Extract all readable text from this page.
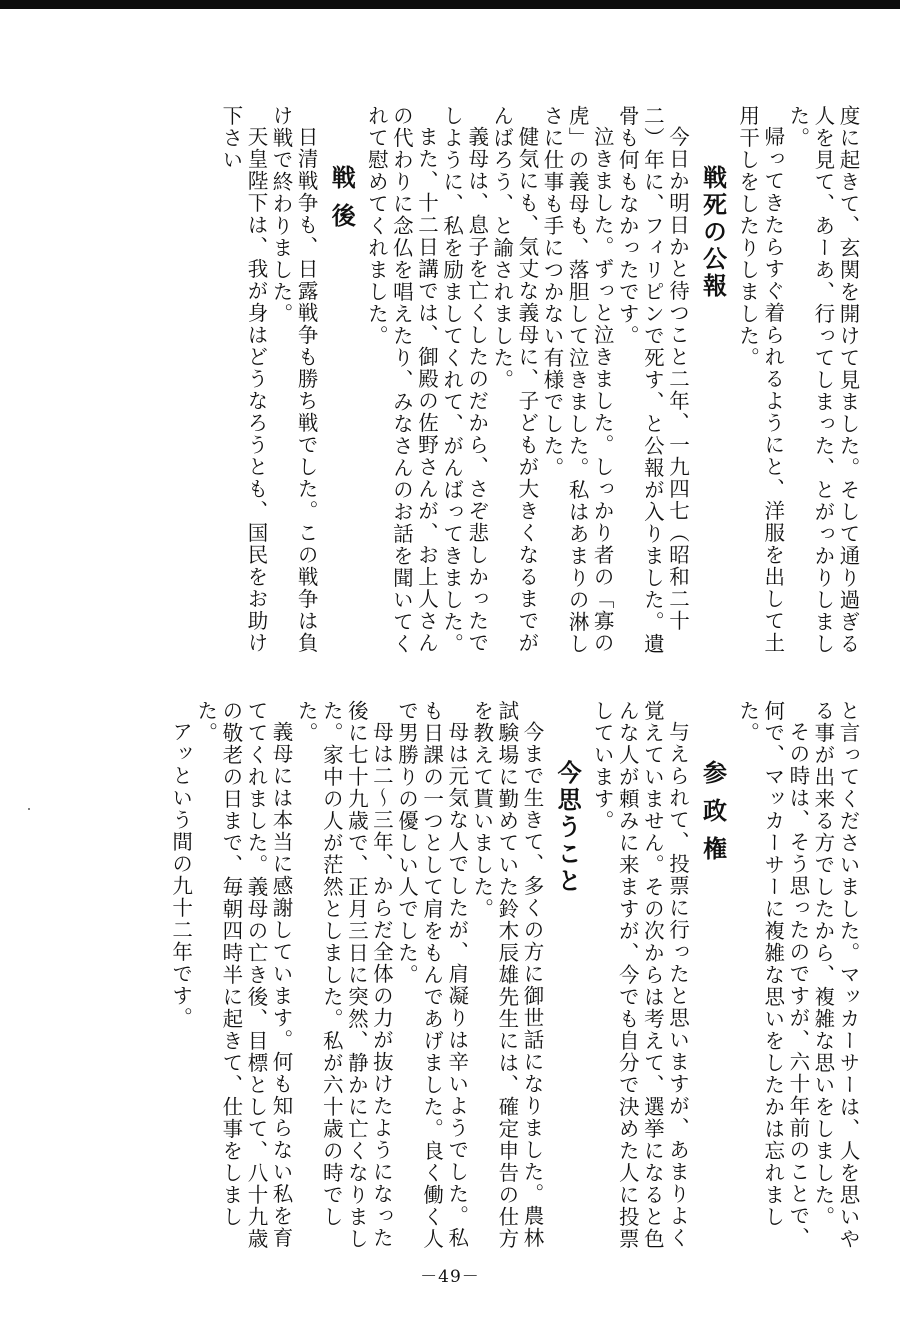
度に起きて、玄関を開けて見ました。そして通り過ぎる人を見て、あーあ、行ってしまった、とがっかりしました。

帰ってきたらすぐ着られるようにと、洋服を出して土用干しをしたりしました。

戦死の公報

今日か明日かと待つこと二年、一九四七（昭和二十二）年に、フィリピンで死す、と公報が入りました。遺骨も何もなかったです。

泣きました。ずっと泣きました。しっかり者の「寡の虎」の義母も、落胆して泣きました。私はあまりの淋しさに仕事も手につかない有様でした。

健気にも、気丈な義母に、子どもが大きくなるまでがんばろう、と諭されました。

義母は、息子を亡くしたのだから、さぞ悲しかったでしように、私を励ましてくれて、がんばってきました。

また、十二日講では、御殿の佐野さんが、お上人さんの代わりに念仏を唱えたり、みなさんのお話を聞いてくれて慰めてくれました。

戦後

日清戦争も、日露戦争も勝ち戦でした。この戦争は負け戦で終わりました。

天皇陛下は、我が身はどうなろうとも、国民をお助け下さい

と言ってくださいました。マッカーサーは、人を思いやる事が出来る方でしたから、複雑な思いをしました。

その時は、そう思ったのですが、六十年前のことで、何で、マッカーサーに複雑な思いをしたかは忘れました。

参政権

与えられて、投票に行ったと思いますが、あまりよく覚えていません。その次からは考えて、選挙になると色んな人が頼みに来ますが、今でも自分で決めた人に投票しています。

今思うこと

今まで生きて、多くの方に御世話になりました。農林試験場に勤めていた鈴木辰雄先生には、確定申告の仕方を教えて貰いました。

母は元気な人でしたが、肩凝りは辛いようでした。私も日課の一つとして肩をもんであげました。良く働く人で男勝りの優しい人でした。

母は二～三年、からだ全体の力が抜けたようになった後に七十九歳で、正月三日に突然、静かに亡くなりました。家中の人が茫然としました。私が六十歳の時でした。

義母には本当に感謝しています。何も知らない私を育ててくれました。義母の亡き後、目標として、八十九歳の敬老の日まで、毎朝四時半に起きて、仕事をしました。

アッという間の九十二年です。

－49－
